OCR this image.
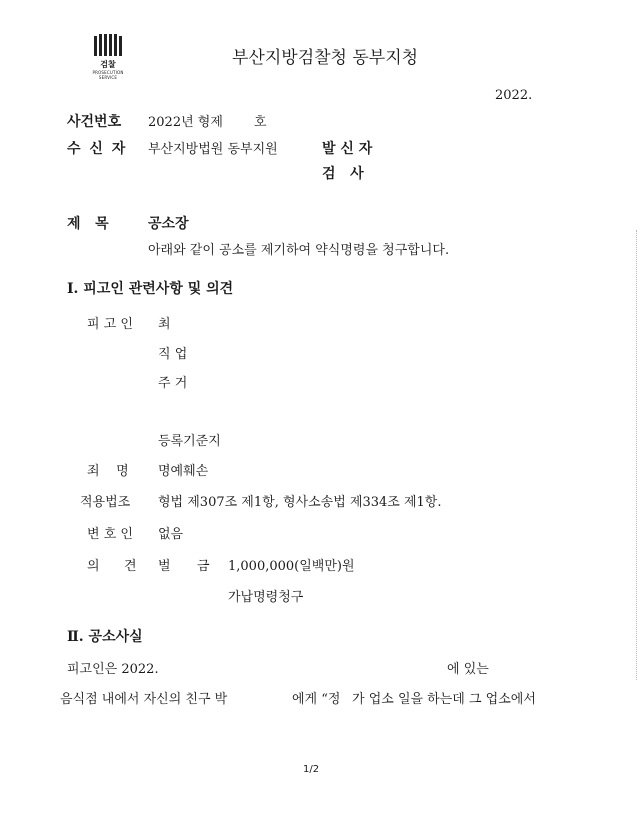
검찰
PROSECUTION SERVICE
부산지방검찰청 동부지청
2022.
사건번호 2022년 형제 호
수 신 자 부산지방법원 동부지원	발 신 자
검   사
제   목	공소장
아래와 같이 공소를 제기하여 약식명령을 청구합니다.
Ⅰ. 피고인 관련사항 및 의견
피 고 인 최
직 업
주 거
등록기준지
죄    명 명예훼손
적용법조 형법 제307조 제1항, 형사소송법 제334조 제1항.
변 호 인 없음
의 견 벌 금 1,000,000(일백만)원
가납명령청구
Ⅱ. 공소사실
피고인은 2022.	에 있는
음식점 내에서 자신의 친구 박	에게 “정 가 업소 일을 하는데 그 업소에서
1/2
